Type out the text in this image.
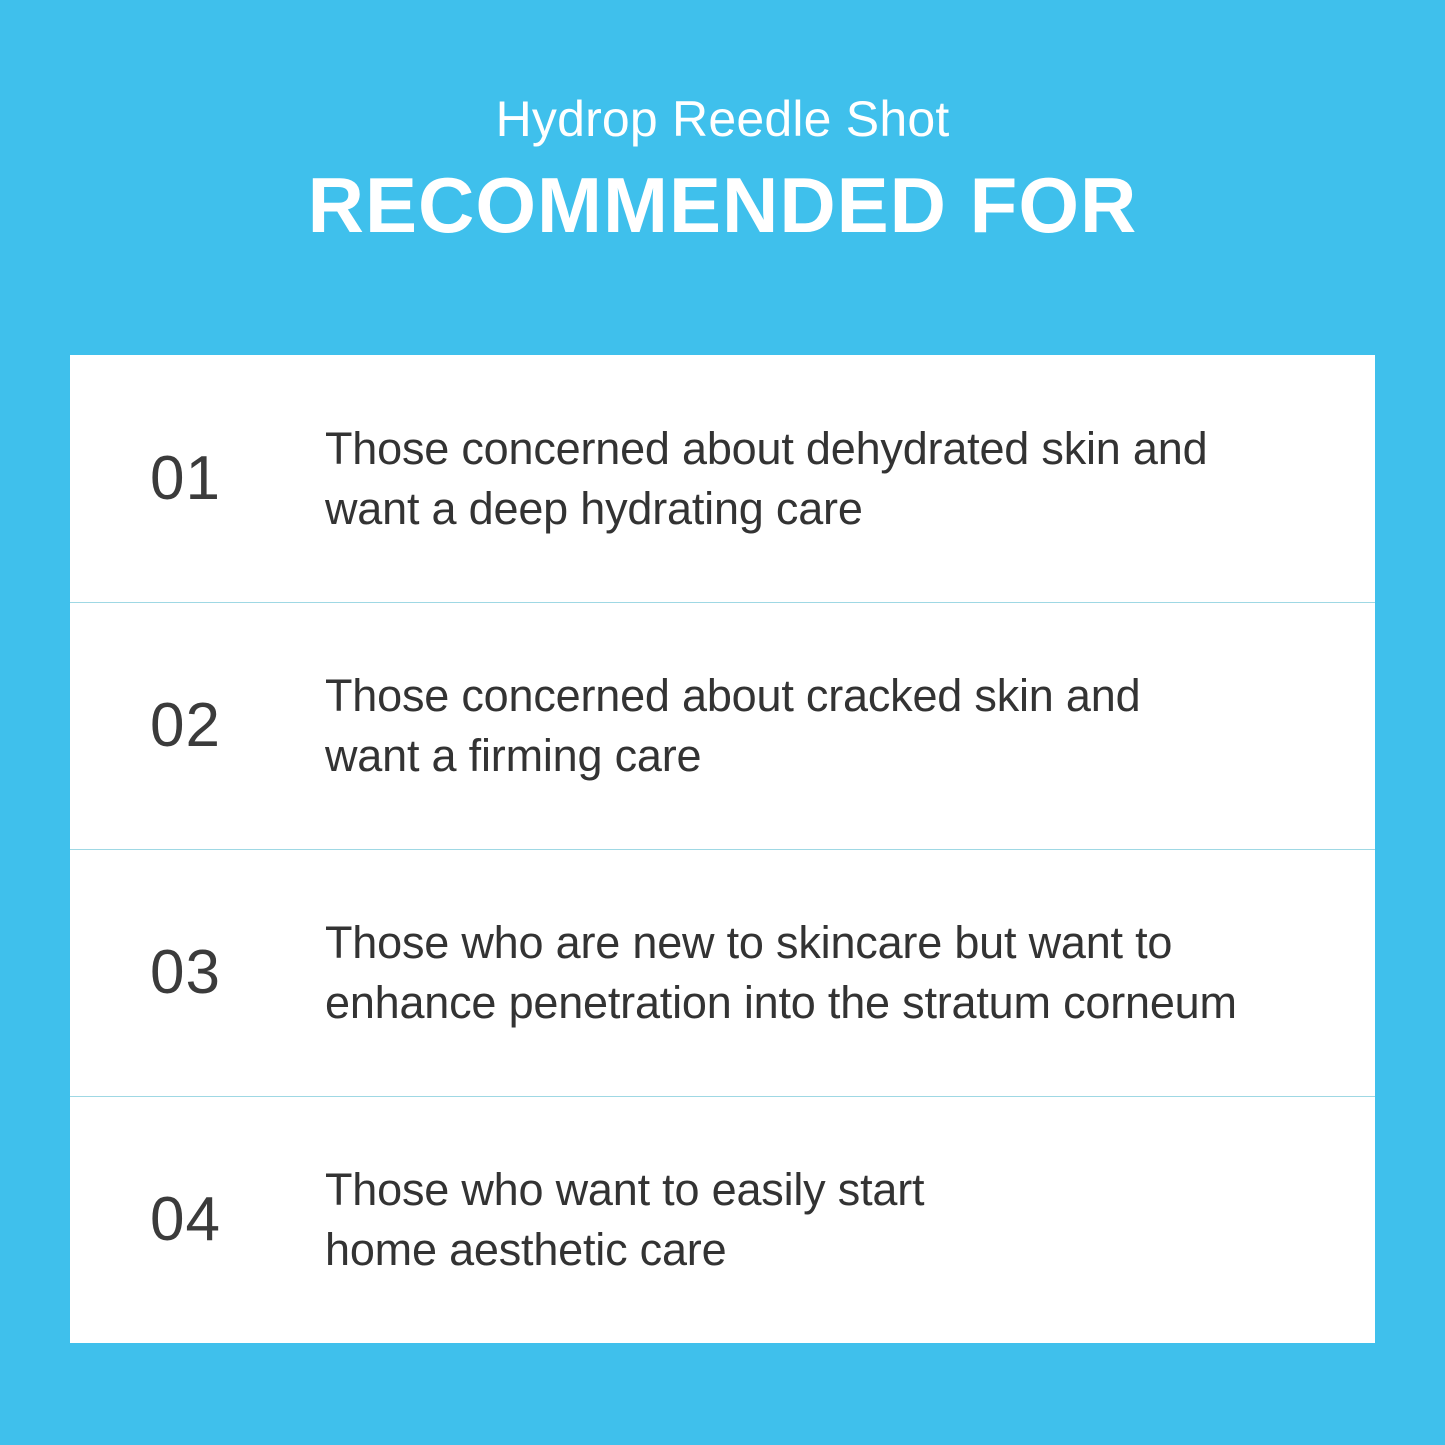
Hydrop Reedle Shot
RECOMMENDED FOR
01	Those concerned about dehydrated skin and
want a deep hydrating care
02	Those concerned about cracked skin and
want a firming care
03	Those who are new to skincare but want to
enhance penetration into the stratum corneum
04	Those who want to easily start
home aesthetic care
